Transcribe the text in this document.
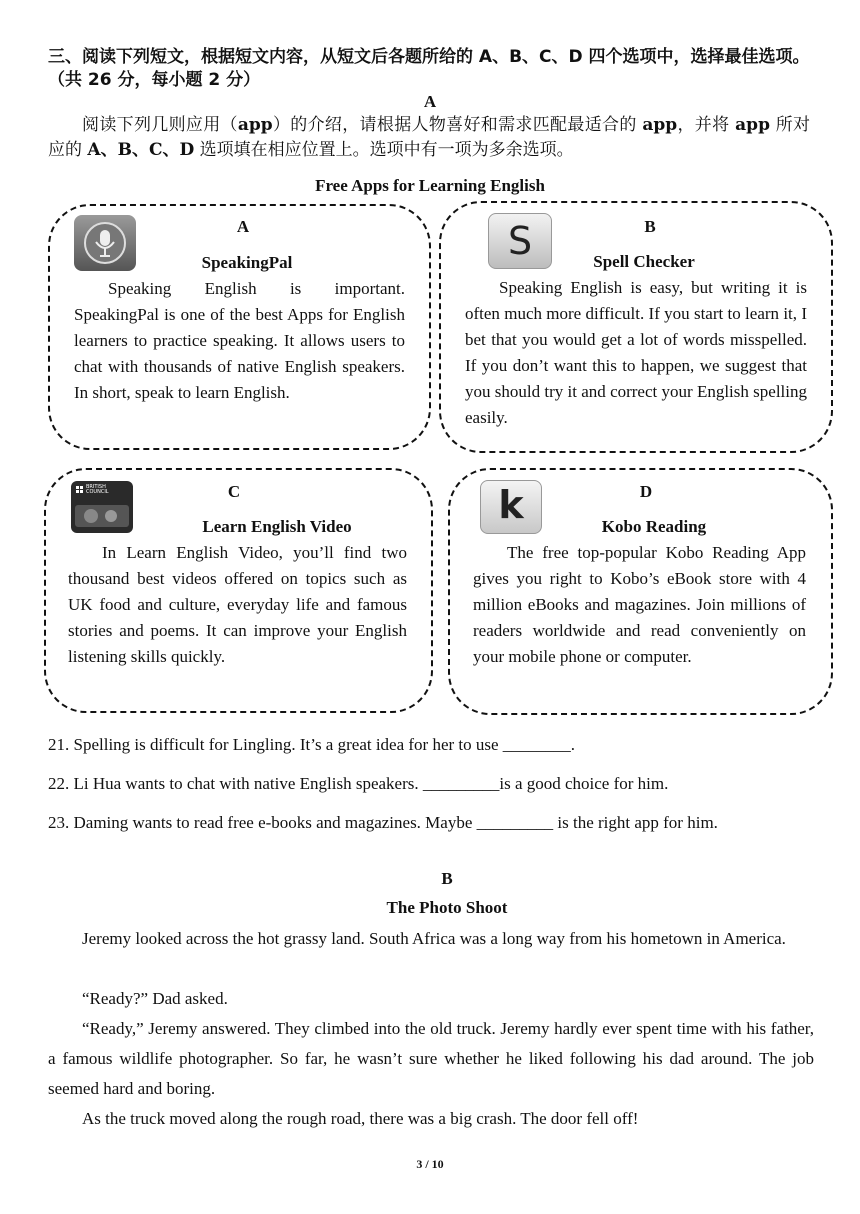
三、阅读下列短文，根据短文内容，从短文后各题所给的 A、B、C、D 四个选项中，选择最佳选项。（共 26 分，每小题 2 分）
A
阅读下列几则应用（app）的介绍，请根据人物喜好和需求匹配最适合的 app，并将 app 所对应的 A、B、C、D 选项填在相应位置上。选项中有一项为多余选项。
Free Apps for Learning English
A
SpeakingPal
Speaking English is important. SpeakingPal is one of the best Apps for English learners to practice speaking. It allows users to chat with thousands of native English speakers. In short, speak to learn English.
S	B
Spell Checker
Speaking English is easy, but writing it is often much more difficult. If you start to learn it, I bet that you would get a lot of words misspelled. If you don’t want this to happen, we suggest that you should try it and correct your English spelling easily.
BRITISH COUNCIL	C
Learn English Video
In Learn English Video, you’ll find two thousand best videos offered on topics such as UK food and culture, everyday life and famous stories and poems. It can improve your English listening skills quickly.
k	D
Kobo Reading
The free top-popular Kobo Reading App gives you right to Kobo’s eBook store with 4 million eBooks and magazines. Join millions of readers worldwide and read conveniently on your mobile phone or computer.
21. Spelling is difficult for Lingling. It’s a great idea for her to use ________.
22. Li Hua wants to chat with native English speakers. _________is a good choice for him.
23. Daming wants to read free e-books and magazines. Maybe _________ is the right app for him.
B
The Photo Shoot
Jeremy looked across the hot grassy land. South Africa was a long way from his hometown in America.
“Ready?” Dad asked.
“Ready,” Jeremy answered. They climbed into the old truck. Jeremy hardly ever spent time with his father, a famous wildlife photographer. So far, he wasn’t sure whether he liked following his dad around. The job seemed hard and boring.
As the truck moved along the rough road, there was a big crash. The door fell off!
3 / 10
